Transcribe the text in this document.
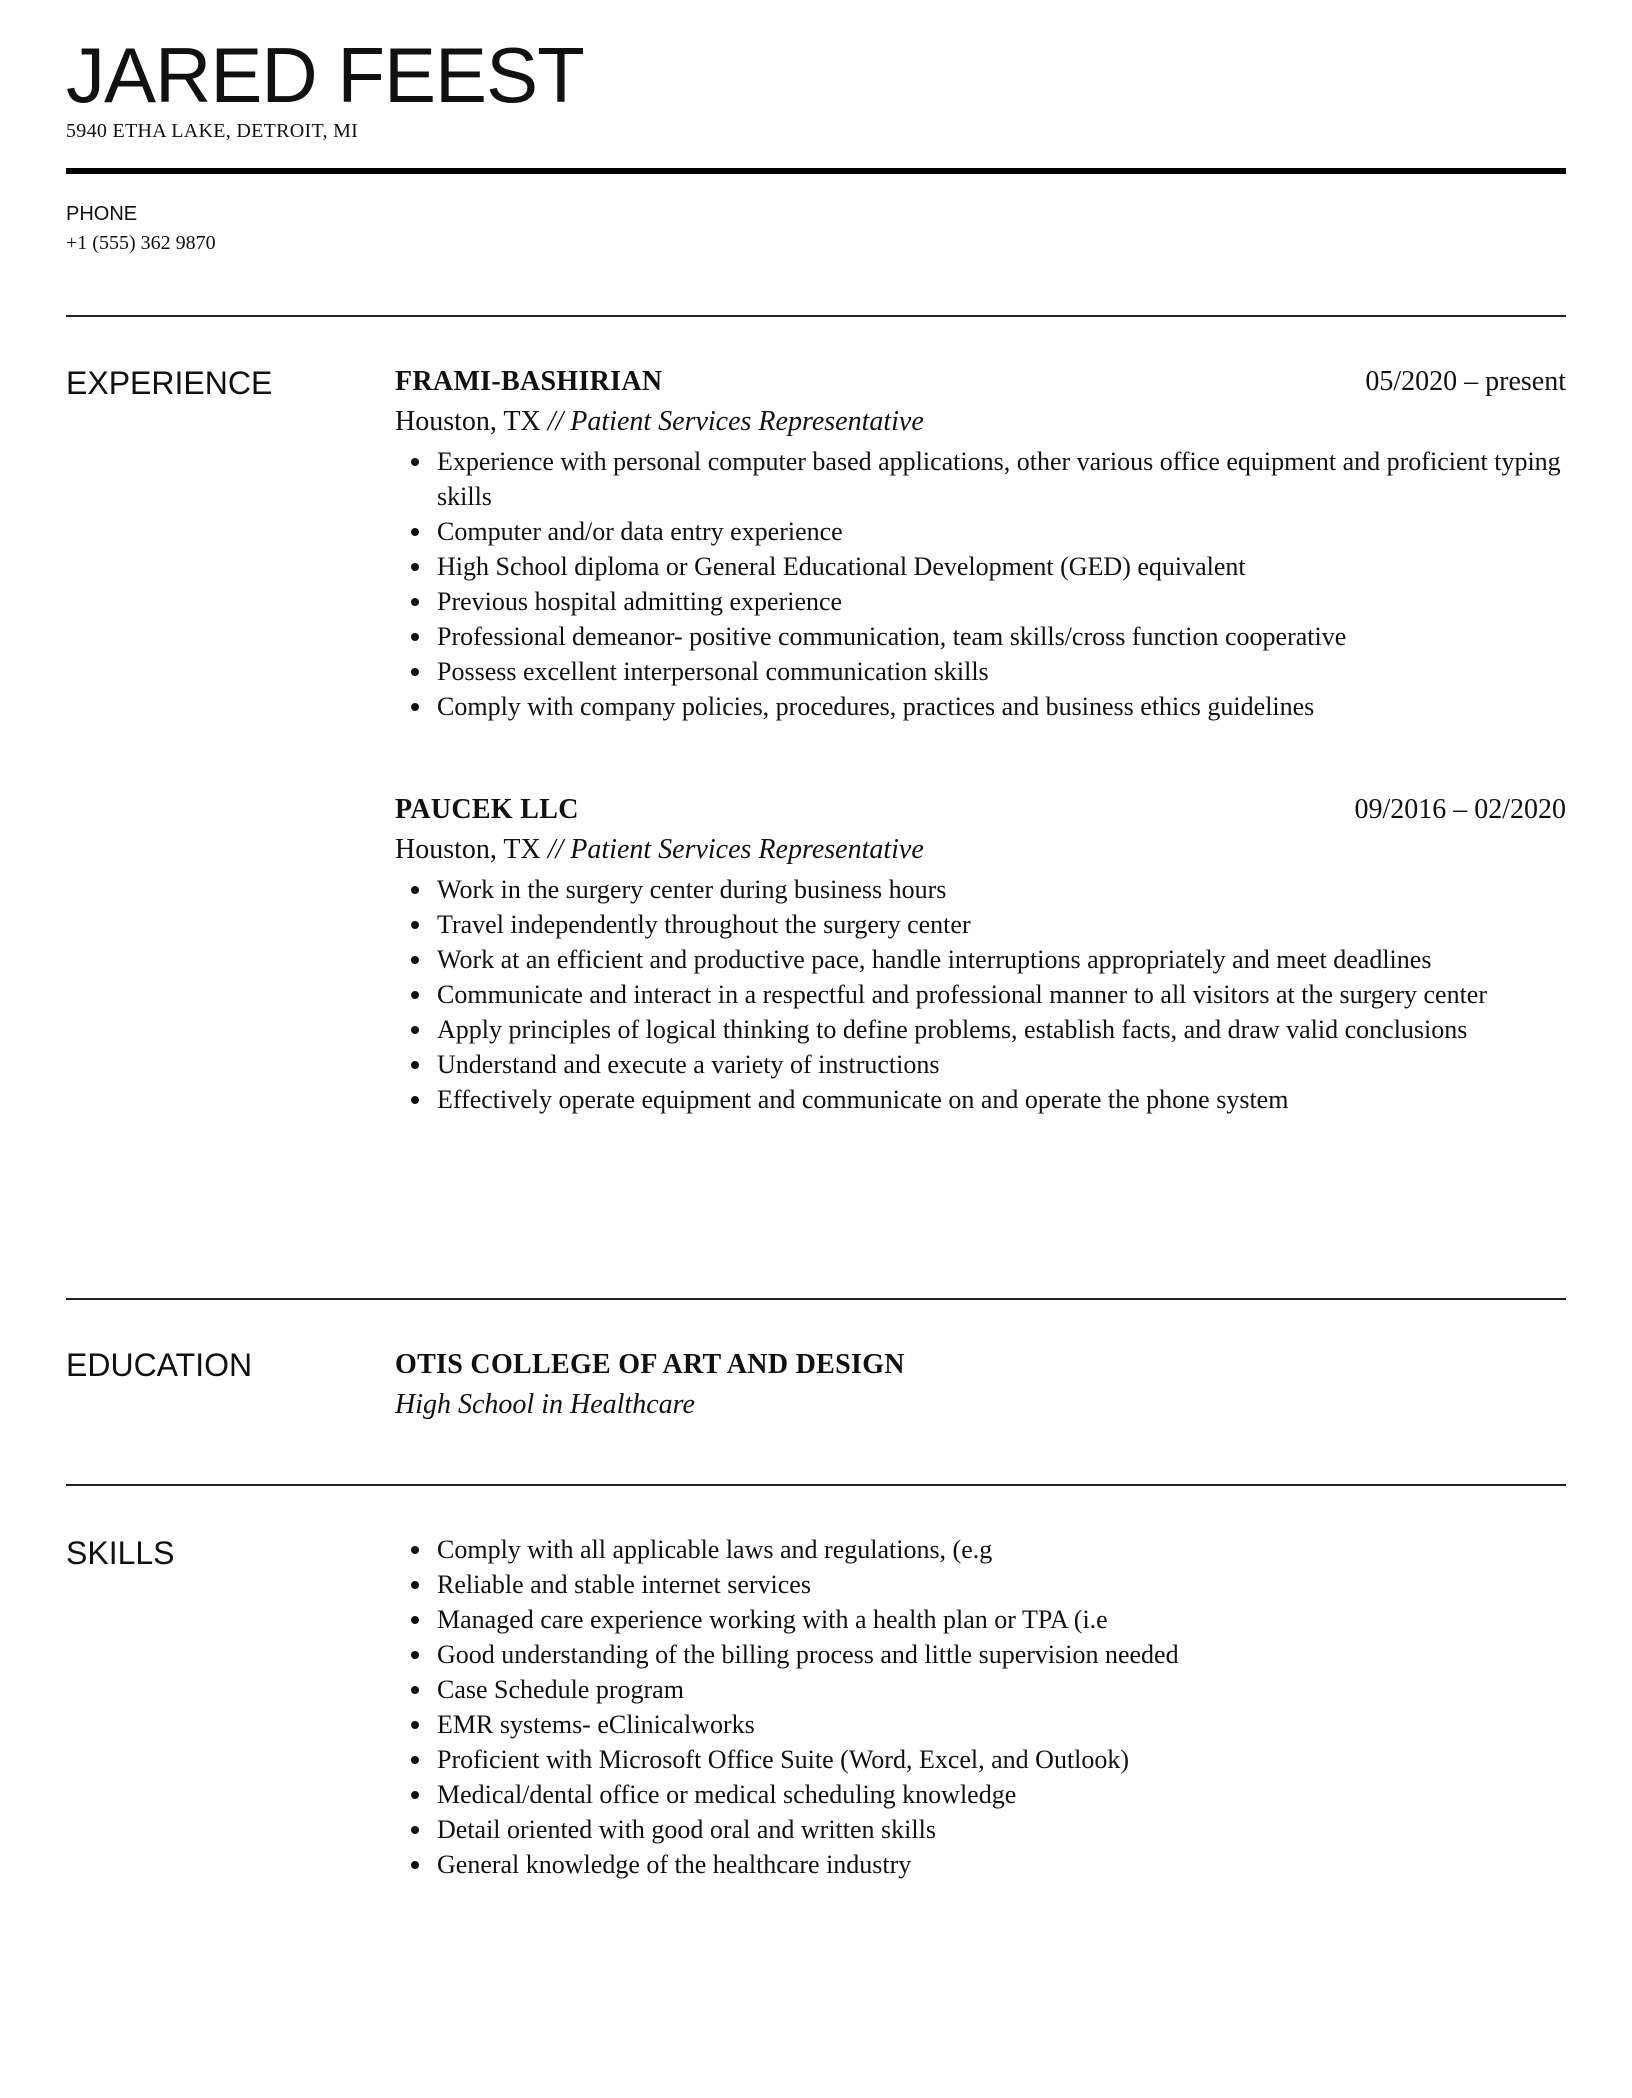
JARED FEEST
5940 ETHA LAKE, DETROIT, MI
PHONE
+1 (555) 362 9870
EXPERIENCE	FRAMI-BASHIRIAN	05/2020 – present
Houston, TX // Patient Services Representative
Experience with personal computer based applications, other various office equipment and proficient typing skills
Computer and/or data entry experience
High School diploma or General Educational Development (GED) equivalent
Previous hospital admitting experience
Professional demeanor- positive communication, team skills/cross function cooperative
Possess excellent interpersonal communication skills
Comply with company policies, procedures, practices and business ethics guidelines
PAUCEK LLC	09/2016 – 02/2020
Houston, TX // Patient Services Representative
Work in the surgery center during business hours
Travel independently throughout the surgery center
Work at an efficient and productive pace, handle interruptions appropriately and meet deadlines
Communicate and interact in a respectful and professional manner to all visitors at the surgery center
Apply principles of logical thinking to define problems, establish facts, and draw valid conclusions
Understand and execute a variety of instructions
Effectively operate equipment and communicate on and operate the phone system
EDUCATION	OTIS COLLEGE OF ART AND DESIGN
High School in Healthcare
SKILLS	Comply with all applicable laws and regulations, (e.g
Reliable and stable internet services
Managed care experience working with a health plan or TPA (i.e
Good understanding of the billing process and little supervision needed
Case Schedule program
EMR systems- eClinicalworks
Proficient with Microsoft Office Suite (Word, Excel, and Outlook)
Medical/dental office or medical scheduling knowledge
Detail oriented with good oral and written skills
General knowledge of the healthcare industry
